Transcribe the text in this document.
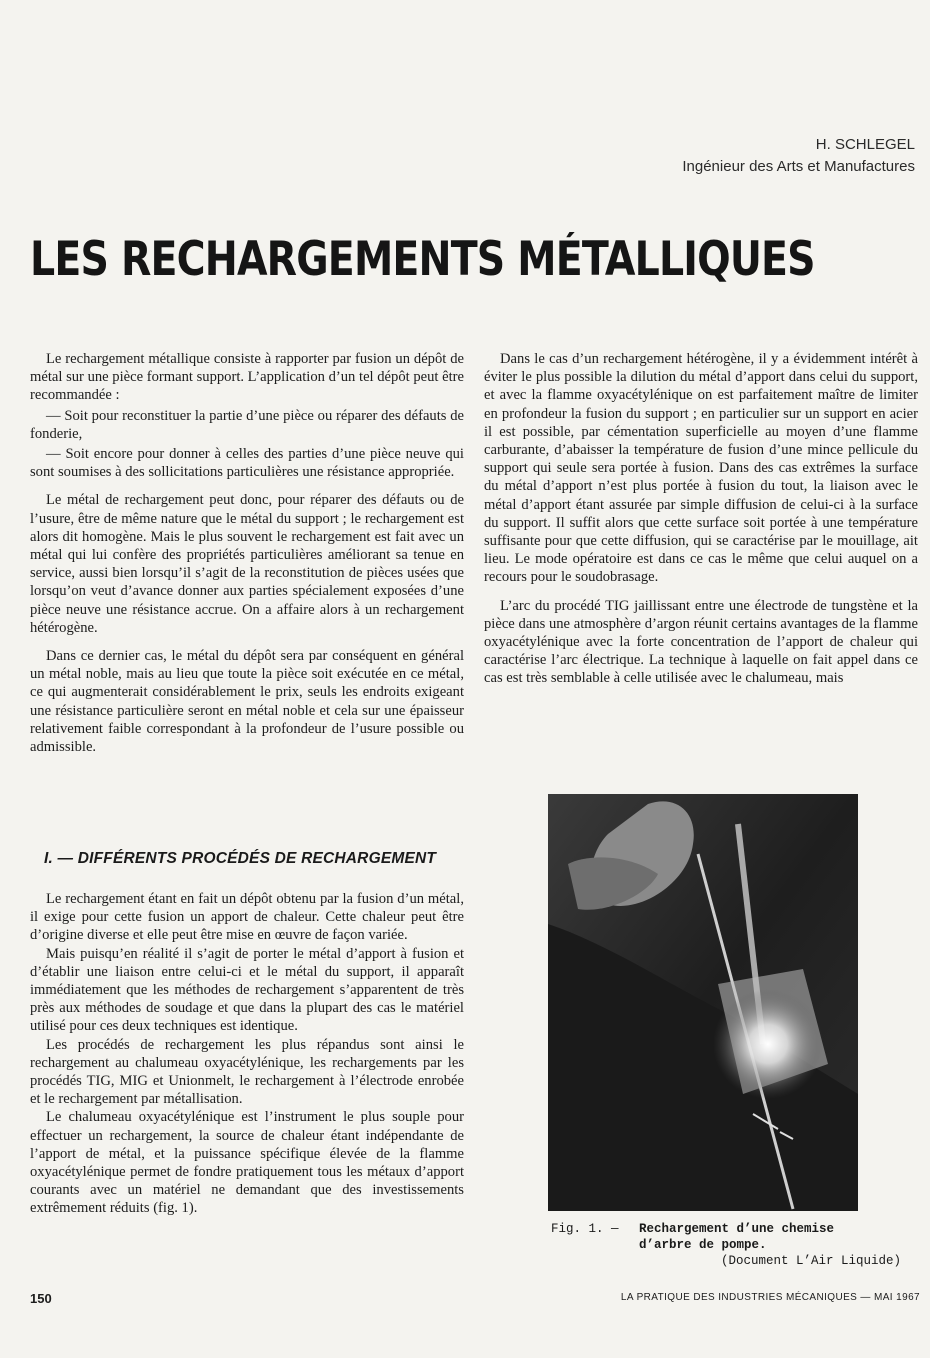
H. SCHLEGEL
Ingénieur des Arts et Manufactures
LES RECHARGEMENTS MÉTALLIQUES

Le rechargement métallique consiste à rapporter par fusion un dépôt de métal sur une pièce formant support. L’application d’un tel dépôt peut être recommandée :

— Soit pour reconstituer la partie d’une pièce ou réparer des défauts de fonderie,

— Soit encore pour donner à celles des parties d’une pièce neuve qui sont soumises à des sollicitations particulières une résistance appropriée.

Le métal de rechargement peut donc, pour réparer des défauts ou de l’usure, être de même nature que le métal du support ; le rechargement est alors dit homogène. Mais le plus souvent le rechargement est fait avec un métal qui lui confère des propriétés particulières améliorant sa tenue en service, aussi bien lorsqu’il s’agit de la reconstitution de pièces usées que lorsqu’on veut d’avance donner aux parties spécialement exposées d’une pièce neuve une résistance accrue. On a affaire alors à un rechargement hétérogène.

Dans ce dernier cas, le métal du dépôt sera par conséquent en général un métal noble, mais au lieu que toute la pièce soit exécutée en ce métal, ce qui augmenterait considérablement le prix, seuls les endroits exigeant une résistance particulière seront en métal noble et cela sur une épaisseur relativement faible correspondant à la profondeur de l’usure possible ou admissible.

I. — DIFFÉRENTS PROCÉDÉS DE RECHARGEMENT

Le rechargement étant en fait un dépôt obtenu par la fusion d’un métal, il exige pour cette fusion un apport de chaleur. Cette chaleur peut être d’origine diverse et elle peut être mise en œuvre de façon variée.

Mais puisqu’en réalité il s’agit de porter le métal d’apport à fusion et d’établir une liaison entre celui-ci et le métal du support, il apparaît immédiatement que les méthodes de rechargement s’apparentent de très près aux méthodes de soudage et que dans la plupart des cas le matériel utilisé pour ces deux techniques est identique.

Les procédés de rechargement les plus répandus sont ainsi le rechargement au chalumeau oxyacétylénique, les rechargements par les procédés TIG, MIG et Unionmelt, le rechargement à l’électrode enrobée et le rechargement par métallisation.

Le chalumeau oxyacétylénique est l’instrument le plus souple pour effectuer un rechargement, la source de chaleur étant indépendante de l’apport de métal, et la puissance spécifique élevée de la flamme oxyacétylénique permet de fondre pratiquement tous les métaux d’apport courants avec un matériel ne demandant que des investissements extrêmement réduits (fig. 1).

Dans le cas d’un rechargement hétérogène, il y a évidemment intérêt à éviter le plus possible la dilution du métal d’apport dans celui du support, et avec la flamme oxyacétylénique on est parfaitement maître de limiter en profondeur la fusion du support ; en particulier sur un support en acier il est possible, par cémentation superficielle au moyen d’une flamme carburante, d’abaisser la température de fusion d’une mince pellicule du support qui seule sera portée à fusion. Dans des cas extrêmes la surface du métal d’apport n’est plus portée à fusion du tout, la liaison avec le métal d’apport étant assurée par simple diffusion de celui-ci à la surface du support. Il suffit alors que cette surface soit portée à une température suffisante pour que cette diffusion, qui se caractérise par le mouillage, ait lieu. Le mode opératoire est dans ce cas le même que celui auquel on a recours pour le soudobrasage.

L’arc du procédé TIG jaillissant entre une électrode de tungstène et la pièce dans une atmosphère d’argon réunit certains avantages de la flamme oxyacétylénique avec la forte concentration de l’apport de chaleur qui caractérise l’arc électrique. La technique à laquelle on fait appel dans ce cas est très semblable à celle utilisée avec le chalumeau, mais

Fig. 1. — Rechargement d’une chemise
d’arbre de pompe.
(Document L’Air Liquide)
150	LA PRATIQUE DES INDUSTRIES MÉCANIQUES — MAI 1967
